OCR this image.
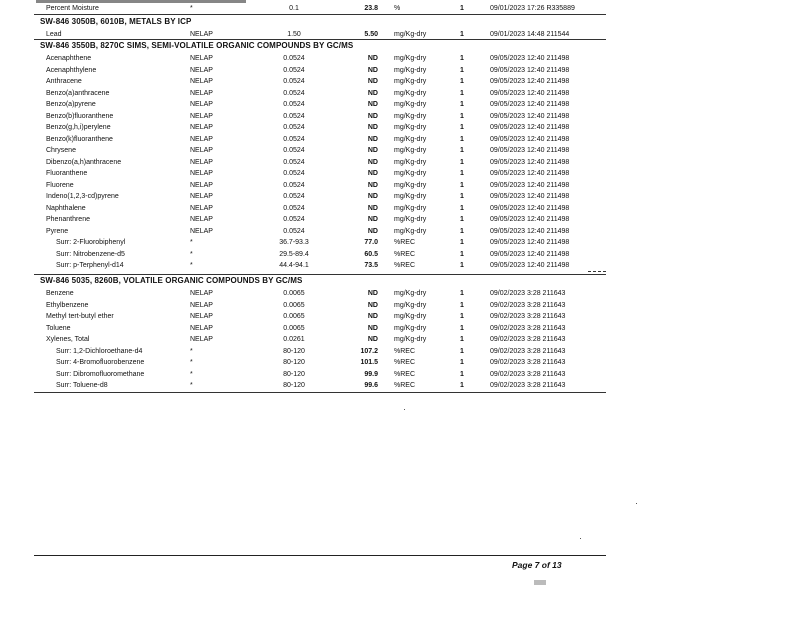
Percent Moisture	*	0.1	23.8 %	1	09/01/2023 17:26 R335889
SW-846 3050B, 6010B, METALS BY ICP
Lead	NELAP	1.50	5.50 mg/Kg-dry	1	09/01/2023 14:48 211544
SW-846 3550B, 8270C SIMS, SEMI-VOLATILE ORGANIC COMPOUNDS BY GC/MS
Acenaphthene	NELAP	0.0524	ND mg/Kg-dry	1	09/05/2023 12:40 211498
Acenaphthylene	NELAP	0.0524	ND mg/Kg-dry	1	09/05/2023 12:40 211498
Anthracene	NELAP	0.0524	ND mg/Kg-dry	1	09/05/2023 12:40 211498
Benzo(a)anthracene	NELAP	0.0524	ND mg/Kg-dry	1	09/05/2023 12:40 211498
Benzo(a)pyrene	NELAP	0.0524	ND mg/Kg-dry	1	09/05/2023 12:40 211498
Benzo(b)fluoranthene	NELAP	0.0524	ND mg/Kg-dry	1	09/05/2023 12:40 211498
Benzo(g,h,i)perylene	NELAP	0.0524	ND mg/Kg-dry	1	09/05/2023 12:40 211498
Benzo(k)fluoranthene	NELAP	0.0524	ND mg/Kg-dry	1	09/05/2023 12:40 211498
Chrysene	NELAP	0.0524	ND mg/Kg-dry	1	09/05/2023 12:40 211498
Dibenzo(a,h)anthracene	NELAP	0.0524	ND mg/Kg-dry	1	09/05/2023 12:40 211498
Fluoranthene	NELAP	0.0524	ND mg/Kg-dry	1	09/05/2023 12:40 211498
Fluorene	NELAP	0.0524	ND mg/Kg-dry	1	09/05/2023 12:40 211498
Indeno(1,2,3-cd)pyrene	NELAP	0.0524	ND mg/Kg-dry	1	09/05/2023 12:40 211498
Naphthalene	NELAP	0.0524	ND mg/Kg-dry	1	09/05/2023 12:40 211498
Phenanthrene	NELAP	0.0524	ND mg/Kg-dry	1	09/05/2023 12:40 211498
Pyrene	NELAP	0.0524	ND mg/Kg-dry	1	09/05/2023 12:40 211498
Surr: 2-Fluorobiphenyl	*	36.7-93.3	77.0 %REC	1	09/05/2023 12:40 211498
Surr: Nitrobenzene-d5	*	29.5-89.4	60.5 %REC	1	09/05/2023 12:40 211498
Surr: p-Terphenyl-d14	*	44.4-94.1	73.5 %REC	1	09/05/2023 12:40 211498
SW-846 5035, 8260B, VOLATILE ORGANIC COMPOUNDS BY GC/MS
Benzene	NELAP	0.0065	ND mg/Kg-dry	1	09/02/2023 3:28 211643
Ethylbenzene	NELAP	0.0065	ND mg/Kg-dry	1	09/02/2023 3:28 211643
Methyl tert-butyl ether	NELAP	0.0065	ND mg/Kg-dry	1	09/02/2023 3:28 211643
Toluene	NELAP	0.0065	ND mg/Kg-dry	1	09/02/2023 3:28 211643
Xylenes, Total	NELAP	0.0261	ND mg/Kg-dry	1	09/02/2023 3:28 211643
Surr: 1,2-Dichloroethane-d4	*	80-120	107.2 %REC	1	09/02/2023 3:28 211643
Surr: 4-Bromofluorobenzene	*	80-120	101.5 %REC	1	09/02/2023 3:28 211643
Surr: Dibromofluoromethane	*	80-120	99.9 %REC	1	09/02/2023 3:28 211643
Surr: Toluene-d8	*	80-120	99.6 %REC	1	09/02/2023 3:28 211643
Page 7 of 13
